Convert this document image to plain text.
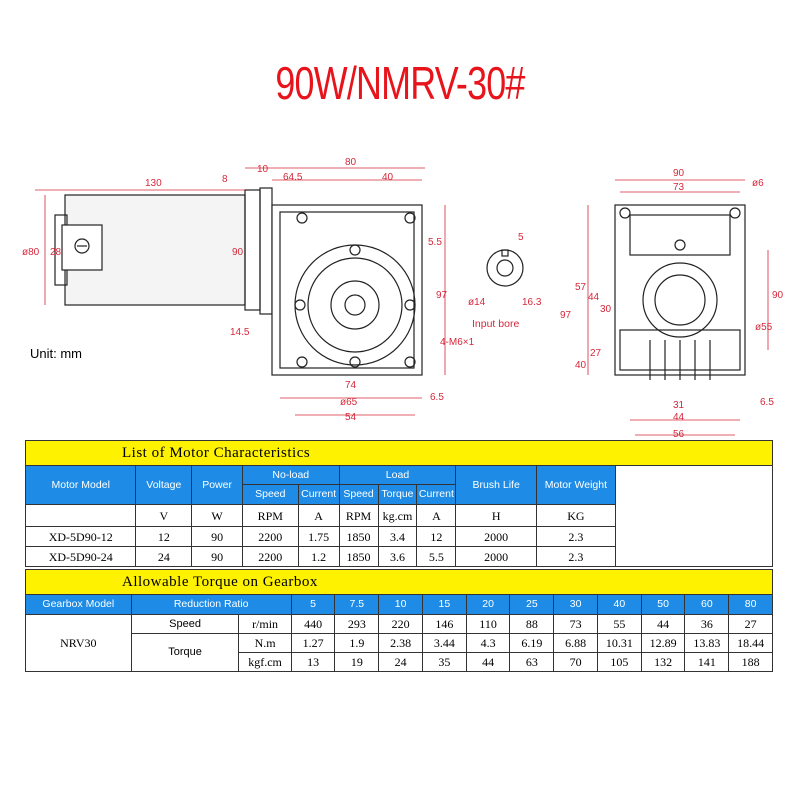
90W/NMRV-30#
130	8
10
64.5
80
40
ø80 28	90
5.5
97
14.5
74
ø65
54
4-M6×1
6.5
5
ø14	16.3
Input bore
90
73	ø6
97
57
44
30
40
27
90
ø55
31
44
56
6.5
Unit: mm
List of Motor Characteristics										
Motor Model	Voltage	Power	No-load		Load			Brush Life	Motor Weight	
			Speed	Current	Speed	Torque	Current			
	V	W	RPM	A	RPM	kg.cm	A	H	KG	
XD-5D90-12	12	90	2200	1.75	1850	3.4	12	2000	2.3	
XD-5D90-24	24	90	2200	1.2	1850	3.6	5.5	2000	2.3	
Allowable Torque on Gearbox													
Gearbox Model	Reduction Ratio		5	7.5	10	15	20	25	30	40	50	60	80
NRV30	Speed	r/min	440	293	220	146	110	88	73	55	44	36	27
	Torque	N.m	1.27	1.9	2.38	3.44	4.3	6.19	6.88	10.31	12.89	13.83	18.44
		kgf.cm	13	19	24	35	44	63	70	105	132	141	188
